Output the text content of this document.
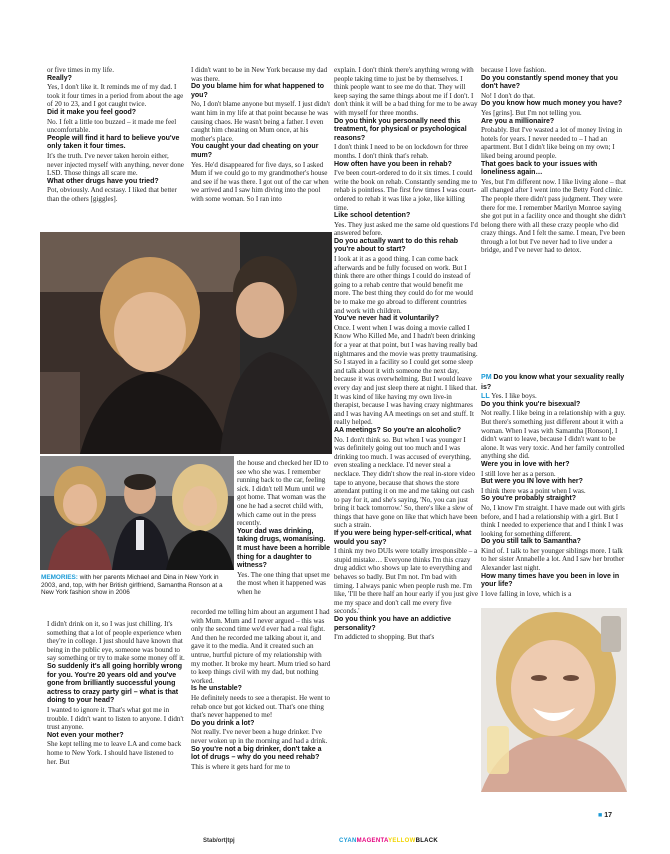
or five times in my life.

Really?

Yes, I don't like it. It reminds me of my dad. I took it four times in a period from about the age of 20 to 23, and I got caught twice.

Did it make you feel good?

No. I felt a little too buzzed – it made me feel uncomfortable.

People will find it hard to believe you've only taken it four times.

It's the truth. I've never taken heroin either, never injected myself with anything, never done LSD. Those things all scare me.

What other drugs have you tried?

Pot, obviously. And ecstasy. I liked that better than the others [giggles].

I didn't want to be in New York because my dad was there.

Do you blame him for what happened to you?

No, I don't blame anyone but myself. I just didn't want him in my life at that point because he was causing chaos. He wasn't being a father. I even caught him cheating on Mum once, at his mother's place.

You caught your dad cheating on your mum?

Yes. He'd disappeared for five days, so I asked Mum if we could go to my grandmother's house and see if he was there. I got out of the car when we arrived and I saw him diving into the pool with some woman. So I ran into

explain. I don't think there's anything wrong with people taking time to just be by themselves. I think people want to see me do that. They will keep saying the same things about me if I don't. I don't think it will be a bad thing for me to be away with myself for three months.

Do you think you personally need this treatment, for physical or psychological reasons?

I don't think I need to be on lockdown for three months. I don't think that's rehab.

How often have you been in rehab?

I've been court-ordered to do it six times. I could write the book on rehab. Constantly sending me to rehab is pointless. The first few times I was court-ordered to rehab it was like a joke, like killing time.

Like school detention?

Yes. They just asked me the same old questions I'd answered before.

Do you actually want to do this rehab you're about to start?

I look at it as a good thing. I can come back afterwards and be fully focused on work. But I think there are other things I could do instead of going to a rehab centre that would benefit me more. The best thing they could do for me would be to make me go abroad to different countries and work with children.

You've never had it voluntarily?

Once. I went when I was doing a movie called I Know Who Killed Me, and I hadn't been drinking for a year at that point, but I was having really bad nightmares and the movie was pretty traumatising. So I stayed in a facility so I could get some sleep and talk about it with someone the next day, because it was overwhelming. But I would leave every day and just sleep there at night. I liked that. It was kind of like having my own live-in therapist, because I was having crazy nightmares and I was having AA meetings on set and stuff. It really helped.

AA meetings? So you're an alcoholic?

No. I don't think so. But when I was younger I was definitely going out too much and I was drinking too much. I was accused of everything, even stealing a necklace. I'd never steal a necklace. They didn't show the real in-store video tape to anyone, because that shows the store attendant putting it on me and me taking out cash to pay for it, and she's saying, 'No, you can just bring it back tomorrow.' So, there's like a slew of things that have gone on like that which have been such a strain.

If you were being hyper-self-critical, what would you say?

I think my two DUIs were totally irresponsible – a stupid mistake… Everyone thinks I'm this crazy drug addict who shows up late to everything and behaves so badly. But I'm not. I'm bad with timing. I always panic when people rush me. I'm like, 'I'll be there half an hour early if you just give me my space and don't call me every five seconds.'

Do you think you have an addictive personality?

I'm addicted to shopping. But that's

because I love fashion.

Do you constantly spend money that you don't have?

No! I don't do that.

Do you know how much money you have?

Yes [grins]. But I'm not telling you.

Are you a millionaire?

Probably. But I've wasted a lot of money living in hotels for years. I never needed to – I had an apartment. But I didn't like being on my own; I liked being around people.

That goes back to your issues with loneliness again…

Yes, but I'm different now. I like living alone – that all changed after I went into the Betty Ford clinic. The people there didn't pass judgment. They were there for me. I remember Marilyn Monroe saying she got put in a facility once and thought she didn't belong there with all these crazy people who did crazy things. And I felt the same. I mean, I've been through a lot but I've never had to live under a bridge, and I've never had to detox.

PM Do you know what your sexuality really is?

LL Yes. I like boys.

Do you think you're bisexual?

Not really. I like being in a relationship with a guy. But there's something just different about it with a woman. When I was with Samantha [Ronson], I didn't want to leave, because I didn't want to be alone. It was very toxic. And her family controlled anything she did.

Were you in love with her?

I still love her as a person.

But were you IN love with her?

I think there was a point when I was.

So you're probably straight?

No, I know I'm straight. I have made out with girls before, and I had a relationship with a girl. But I think I needed to experience that and I think I was looking for something different.

Do you still talk to Samantha?

Kind of. I talk to her younger siblings more. I talk to her sister Annabelle a lot. And I saw her brother Alexander last night.

How many times have you been in love in your life?

I love falling in love, which is a

MEMORIES: with her parents Michael and Dina in New York in 2003, and, top, with her British girlfriend, Samantha Ronson at a New York fashion show in 2006

the house and checked her ID to see who she was. I remember running back to the car, feeling sick. I didn't tell Mum until we got home. That woman was the one he had a secret child with, which came out in the press recently.

Your dad was drinking, taking drugs, womanising. It must have been a horrible thing for a daughter to witness?

Yes. The one thing that upset me the most when it happened was when he

recorded me telling him about an argument I had with Mum. Mum and I never argued – this was only the second time we'd ever had a real fight. And then he recorded me talking about it, and gave it to the media. And it created such an untrue, hurtful picture of my relationship with my mother. It broke my heart. Mum tried so hard to keep things civil with my dad, but nothing worked.

Is he unstable?

He definitely needs to see a therapist. He went to rehab once but got kicked out. That's one thing that's never happened to me!

Do you drink a lot?

Not really. I've never been a huge drinker. I've never woken up in the morning and had a drink.

So you're not a big drinker, don't take a lot of drugs – why do you need rehab?

This is where it gets hard for me to

I didn't drink on it, so I was just chilling. It's something that a lot of people experience when they're in college. I just should have known that being in the public eye, someone was bound to say something or try to make some money off it.

So suddenly it's all going horribly wrong for you. You're 20 years old and you've gone from brilliantly successful young actress to crazy party girl – what is that doing to your head?

I wanted to ignore it. That's what got me in trouble. I didn't want to listen to anyone. I didn't trust anyone.

Not even your mother?

She kept telling me to leave LA and come back home to New York. I should have listened to her. But

Stab/ort|tpj	CYANMAGENTAYELLOWBLACK
■ 17
